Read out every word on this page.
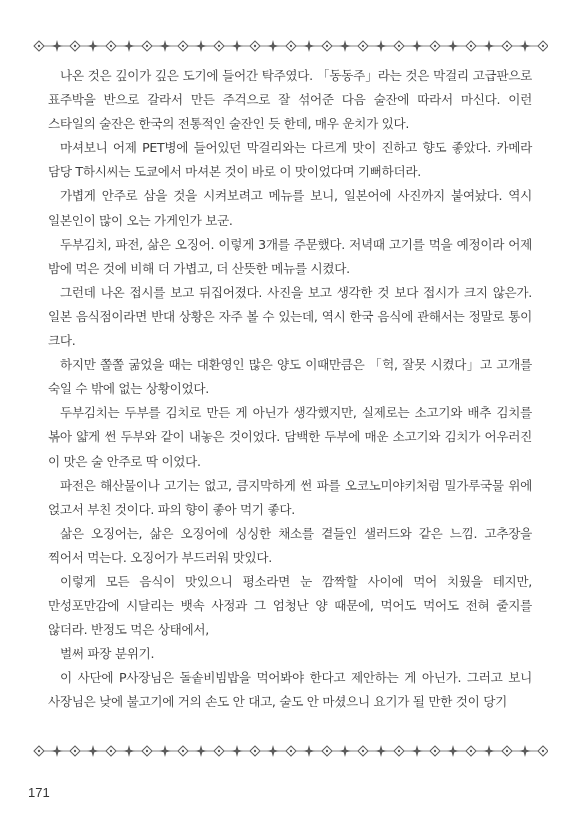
나온 것은 깊이가 깊은 도기에 들어간 탁주였다. 「동동주」라는 것은 막걸리 고급판으로 표주박을 반으로 갈라서 만든 주걱으로 잘 섞어준 다음 술잔에 따라서 마신다. 이런 스타일의 술잔은 한국의 전통적인 술잔인 듯 한데, 매우 운치가 있다.

마셔보니 어제 PET병에 들어있던 막걸리와는 다르게 맛이 진하고 향도 좋았다. 카메라 담당 T하시씨는 도쿄에서 마셔본 것이 바로 이 맛이었다며 기뻐하더라.

가볍게 안주로 삼을 것을 시켜보려고 메뉴를 보니, 일본어에 사진까지 붙여놨다. 역시 일본인이 많이 오는 가게인가 보군.

두부김치, 파전, 삶은 오징어. 이렇게 3개를 주문했다. 저녁때 고기를 먹을 예정이라 어제 밤에 먹은 것에 비해 더 가볍고, 더 산뜻한 메뉴를 시켰다.

그런데 나온 접시를 보고 뒤집어졌다. 사진을 보고 생각한 것 보다 접시가 크지 않은가. 일본 음식점이라면 반대 상황은 자주 볼 수 있는데, 역시 한국 음식에 관해서는 정말로 통이 크다.

하지만 쫄쫄 굶었을 때는 대환영인 많은 양도 이때만큼은 「헉, 잘못 시켰다」고 고개를 숙일 수 밖에 없는 상황이었다.

두부김치는 두부를 김치로 만든 게 아닌가 생각했지만, 실제로는 소고기와 배추 김치를 볶아 얇게 썬 두부와 같이 내놓은 것이었다. 담백한 두부에 매운 소고기와 김치가 어우러진 이 맛은 술 안주로 딱 이었다.

파전은 해산물이나 고기는 없고, 큼지막하게 썬 파를 오코노미야키처럼 밀가루국물 위에 얹고서 부친 것이다. 파의 향이 좋아 먹기 좋다.

삶은 오징어는, 삶은 오징어에 싱싱한 채소를 곁들인 샐러드와 같은 느낌. 고추장을 찍어서 먹는다. 오징어가 부드러워 맛있다.

이렇게 모든 음식이 맛있으니 평소라면 눈 깜짝할 사이에 먹어 치웠을 테지만, 만성포만감에 시달리는 뱃속 사정과 그 엄청난 양 때문에, 먹어도 먹어도 전혀 줄지를 않더라. 반정도 먹은 상태에서,

벌써 파장 분위기.

이 사단에 P사장님은 돌솥비빔밥을 먹어봐야 한다고 제안하는 게 아닌가. 그러고 보니 사장님은 낮에 불고기에 거의 손도 안 대고, 술도 안 마셨으니 요기가 될 만한 것이 당기

171
